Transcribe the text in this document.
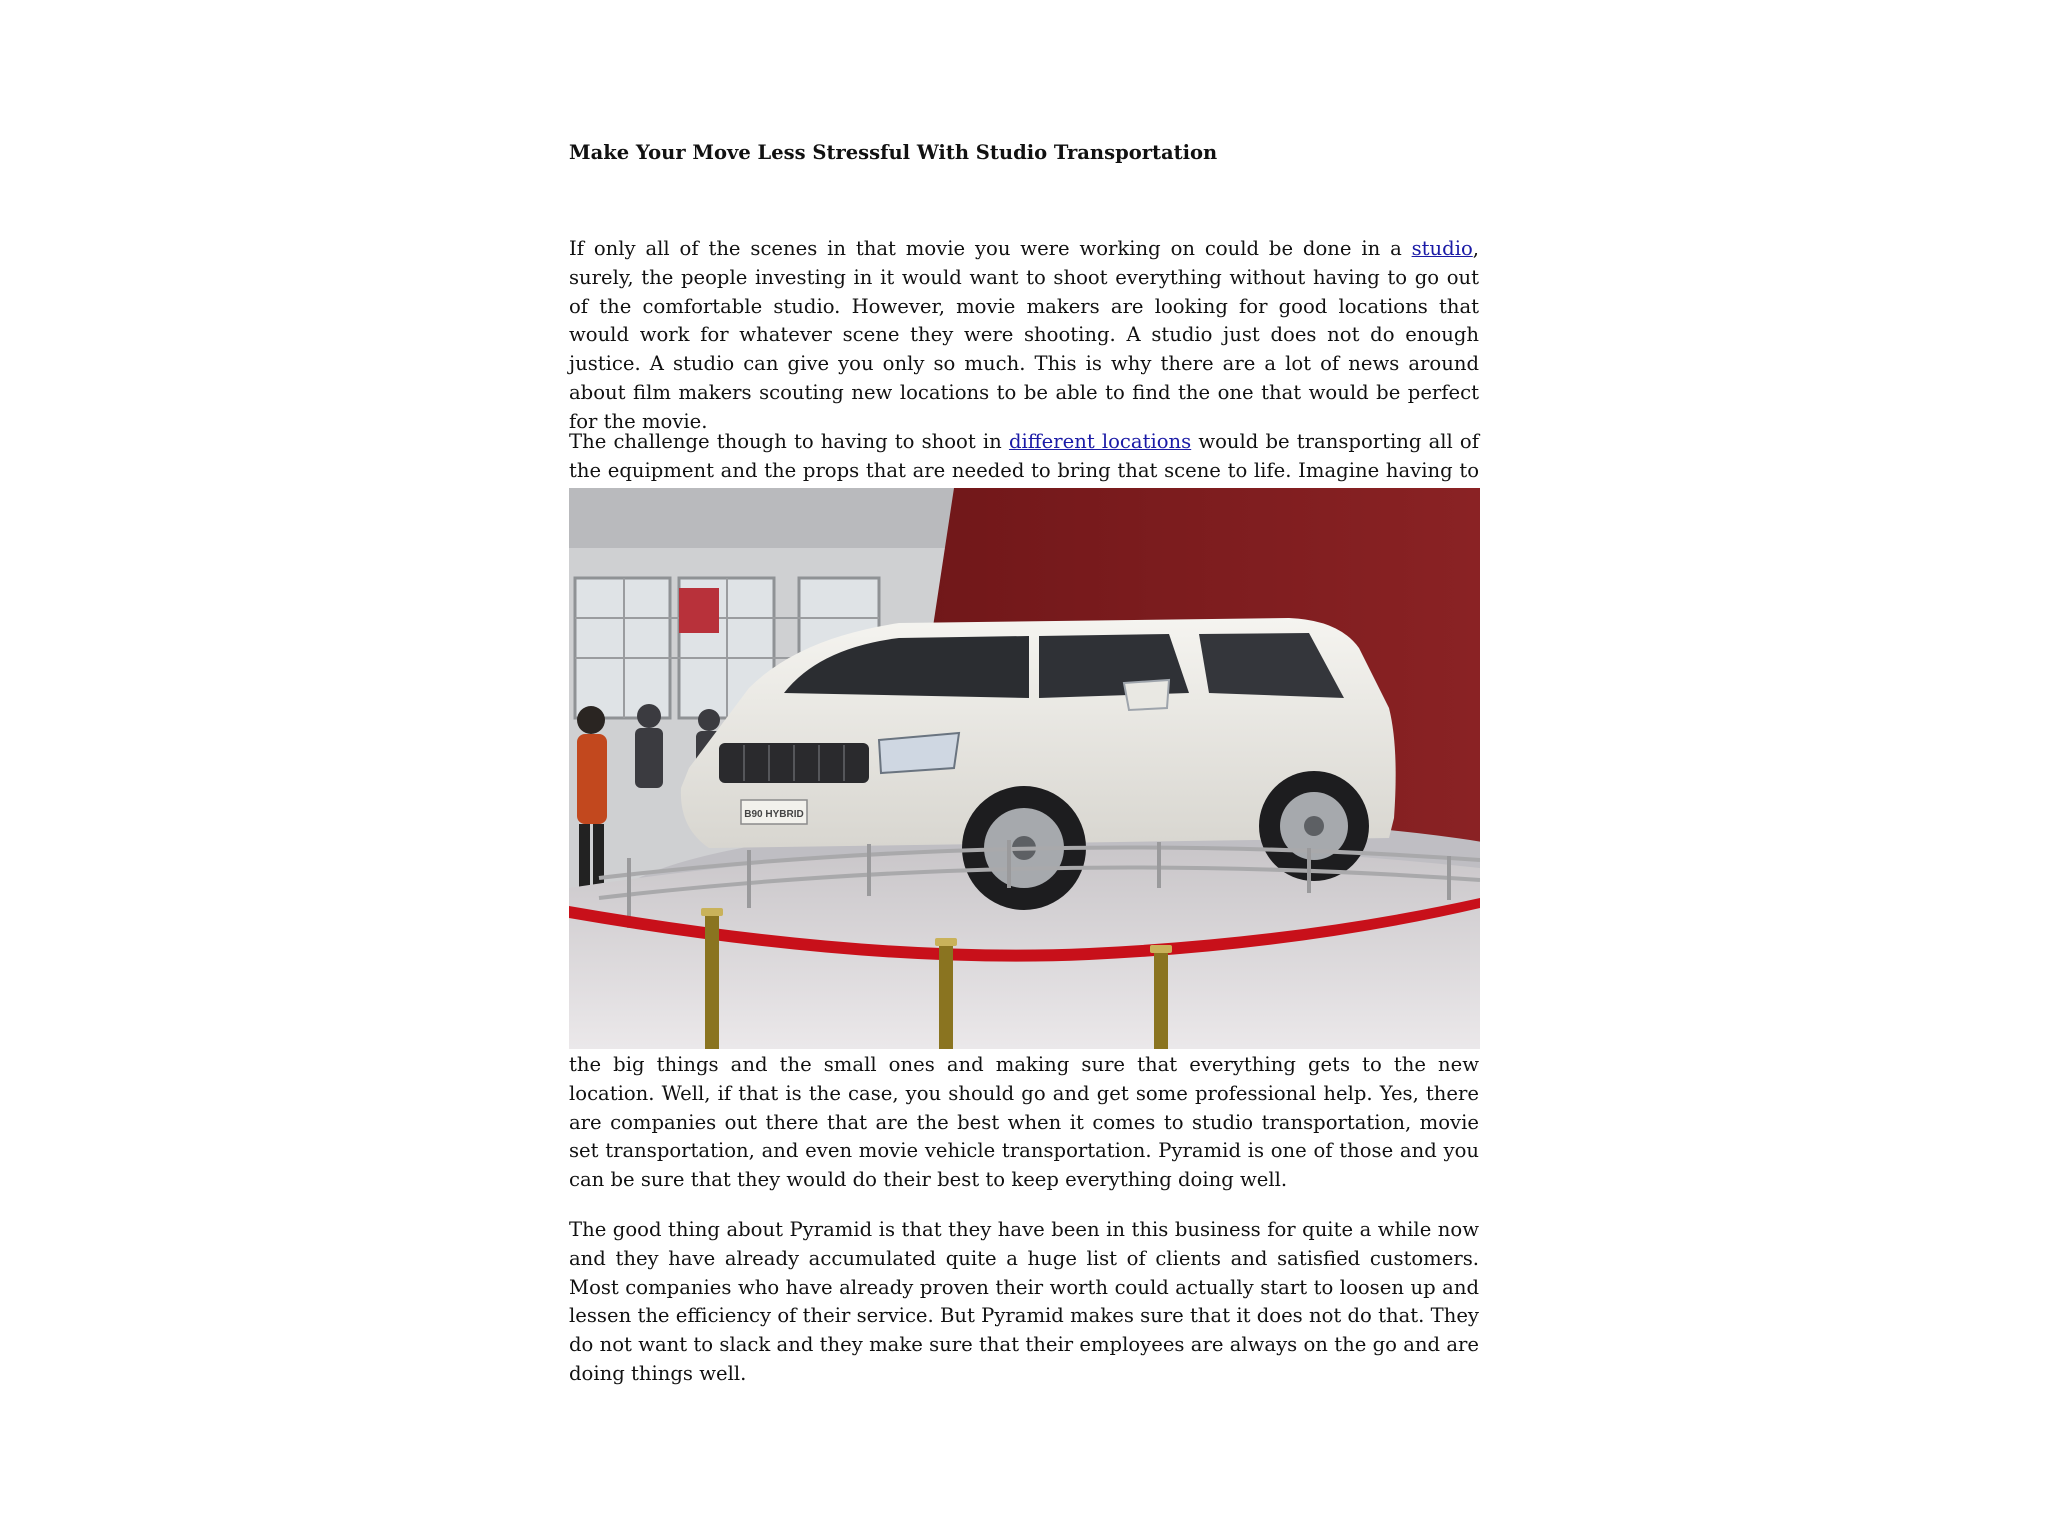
Make Your Move Less Stressful With Studio Transportation

If only all of the scenes in that movie you were working on could be done in a studio, surely, the people investing in it would want to shoot everything without having to go out of the comfortable studio. However, movie makers are looking for good locations that would work for whatever scene they were shooting. A studio just does not do enough justice. A studio can give you only so much. This is why there are a lot of news around about film makers scouting new locations to be able to find the one that would be perfect for the movie.

The challenge though to having to shoot in different locations would be transporting all of the equipment and the props that are needed to bring that scene to life. Imagine having to

B90 HYBRID

the big things and the small ones and making sure that everything gets to the new location. Well, if that is the case, you should go and get some professional help. Yes, there are companies out there that are the best when it comes to studio transportation, movie set transportation, and even movie vehicle transportation. Pyramid is one of those and you can be sure that they would do their best to keep everything doing well.

The good thing about Pyramid is that they have been in this business for quite a while now and they have already accumulated quite a huge list of clients and satisfied customers. Most companies who have already proven their worth could actually start to loosen up and lessen the efficiency of their service. But Pyramid makes sure that it does not do that. They do not want to slack and they make sure that their employees are always on the go and are doing things well.
